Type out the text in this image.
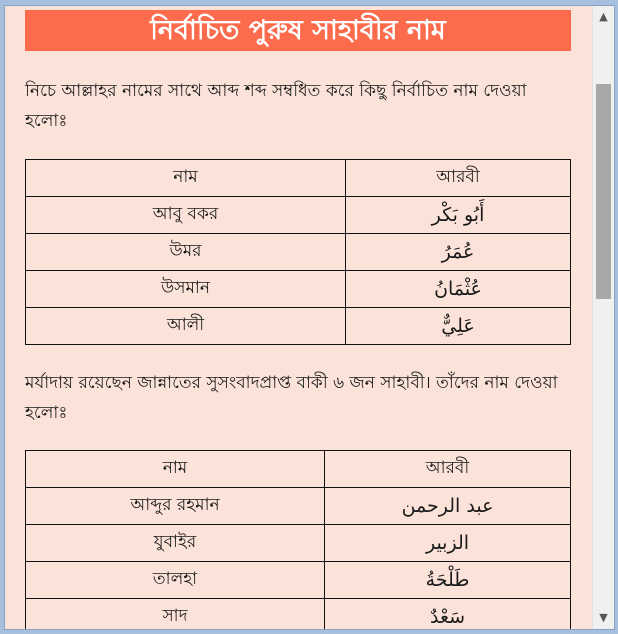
নির্বাচিত পুরুষ সাহাবীর নাম

নিচে আল্লাহর নামের সাথে আব্দ শব্দ সম্বধিত করে কিছু নির্বাচিত নাম দেওয়া হলোঃ

নাম	আরবী
আবু বকর	أَبُو بَكْر
উমর	عُمَرُ
উসমান	عُثْمَانُ
আলী	عَلِيٌّ

মর্যাদায় রয়েছেন জান্নাতের সুসংবাদপ্রাপ্ত বাকী ৬ জন সাহাবী। তাঁদের নাম দেওয়া হলোঃ

নাম	আরবী
আব্দুর রহমান	عبد الرحمن
যুবাইর	الزبير
তালহা	طَلْحَةُ
সাদ	سَعْدٌ
▲
▼
